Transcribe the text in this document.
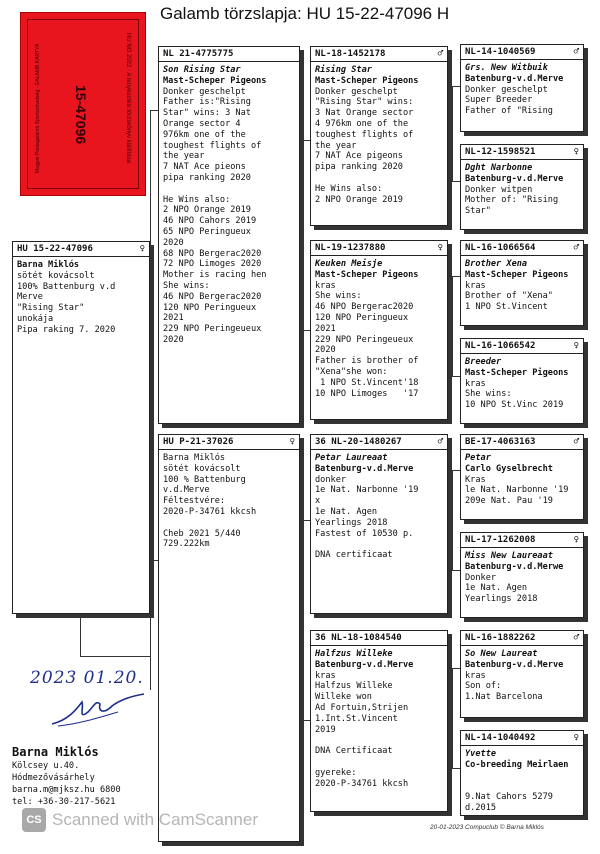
Galamb törzslapja: HU 15-22-47096 H
Magyar Postagalamb Sportszövetség · GALAMB KARTYA	15-47096	HU NG 2022 · A tenyésztési törzskönyv kiállítása
HU 15-22-47096	♀
Barna Miklós
sötét kovácsolt
100% Battenburg v.d
Merve
"Rising Star"
unokája
Pipa raking 7. 2020
NL 21-4775775
Son Rising Star
Mast-Scheper Pigeons
Donker geschelpt
Father is:"Rising
Star" wins: 3 Nat
Orange sector 4
976km one of the
toughest flights of
the year
7 NAT Ace pieons
pipa ranking 2020

He Wins also:
2 NPO Orange 2019
46 NPO Cahors 2019
65 NPO Peringueux
2020
68 NPO Bergerac2020
72 NPO Limoges 2020
Mother is racing hen
She wins:
46 NPO Bergerac2020
120 NPO Peringueux
2021
229 NPO Peringeueux
2020
HU P-21-37026	♀
Barna Miklós
sötét kovácsolt
100 % Battenburg
v.d.Merve
Féltestvére:
2020-P-34761 kkcsh

Cheb 2021 5/440
729.222km
NL-18-1452178	♂
Rising Star
Mast-Scheper Pigeons
Donker geschelpt
"Rising Star" wins:
3 Nat Orange sector
4 976km one of the
toughest flights of
the year
7 NAT Ace pigeons
pipa ranking 2020

He Wins also:
2 NPO Orange 2019
NL-19-1237880	♀
Keuken Meisje
Mast-Scheper Pigeons
kras
She wins:
46 NPO Bergerac2020
120 NPO Peringueux
2021
229 NPO Peringeueux
2020
Father is brother of
"Xena"she won:
1 NPO St.Vincent'18
10 NPO Limoges   '17
36 NL-20-1480267	♂
Petar Laureaat
Batenburg-v.d.Merve
donker
1e Nat. Narbonne '19
x
1e Nat. Agen
Yearlings 2018
Fastest of 10530 p.

DNA certificaat
36 NL-18-1084540
Halfzus Willeke
Batenburg-v.d.Merve
kras
Halfzus Willeke
Willeke won
Ad Fortuin,Strijen
1.Int.St.Vincent
2019

DNA Certificaat

gyereke:
2020-P-34761 kkcsh
NL-14-1040569	♂
Grs. New Witbuik
Batenburg-v.d.Merve
Donker geschelpt
Super Breeder
Father of "Rising
NL-12-1598521	♀
Dght Narbonne
Batenburg-v.d.Merve
Donker witpen
Mother of: "Rising
Star"
NL-16-1066564	♂
Brother Xena
Mast-Scheper Pigeons
kras
Brother of "Xena"
1 NPO St.Vincent
NL-16-1066542	♀
Breeder
Mast-Scheper Pigeons
kras
She wins:
10 NPO St.Vinc 2019
BE-17-4063163	♂
Petar
Carlo Gyselbrecht
Kras
le Nat. Narbonne '19
209e Nat. Pau '19
NL-17-1262008	♀
Miss New Laureaat
Batenburg-v.d.Merwe
Donker
1e Nat. Agen
Yearlings 2018
NL-16-1882262	♂
So New Laureat
Batenburg-v.d.Merve
kras
Son of:
1.Nat Barcelona
NL-14-1040492	♀
Yvette
Co-breeding Meirlaen

9.Nat Cahors 5279
d.2015
2023 01.20.
Barna Miklós
Kölcsey u.40.
Hódmezővásárhely
barna.m@mjksz.hu 6800
tel: +36-30-217-5621
CS Scanned with CamScanner	20-01-2023 Compuclub © Barna Miklós
